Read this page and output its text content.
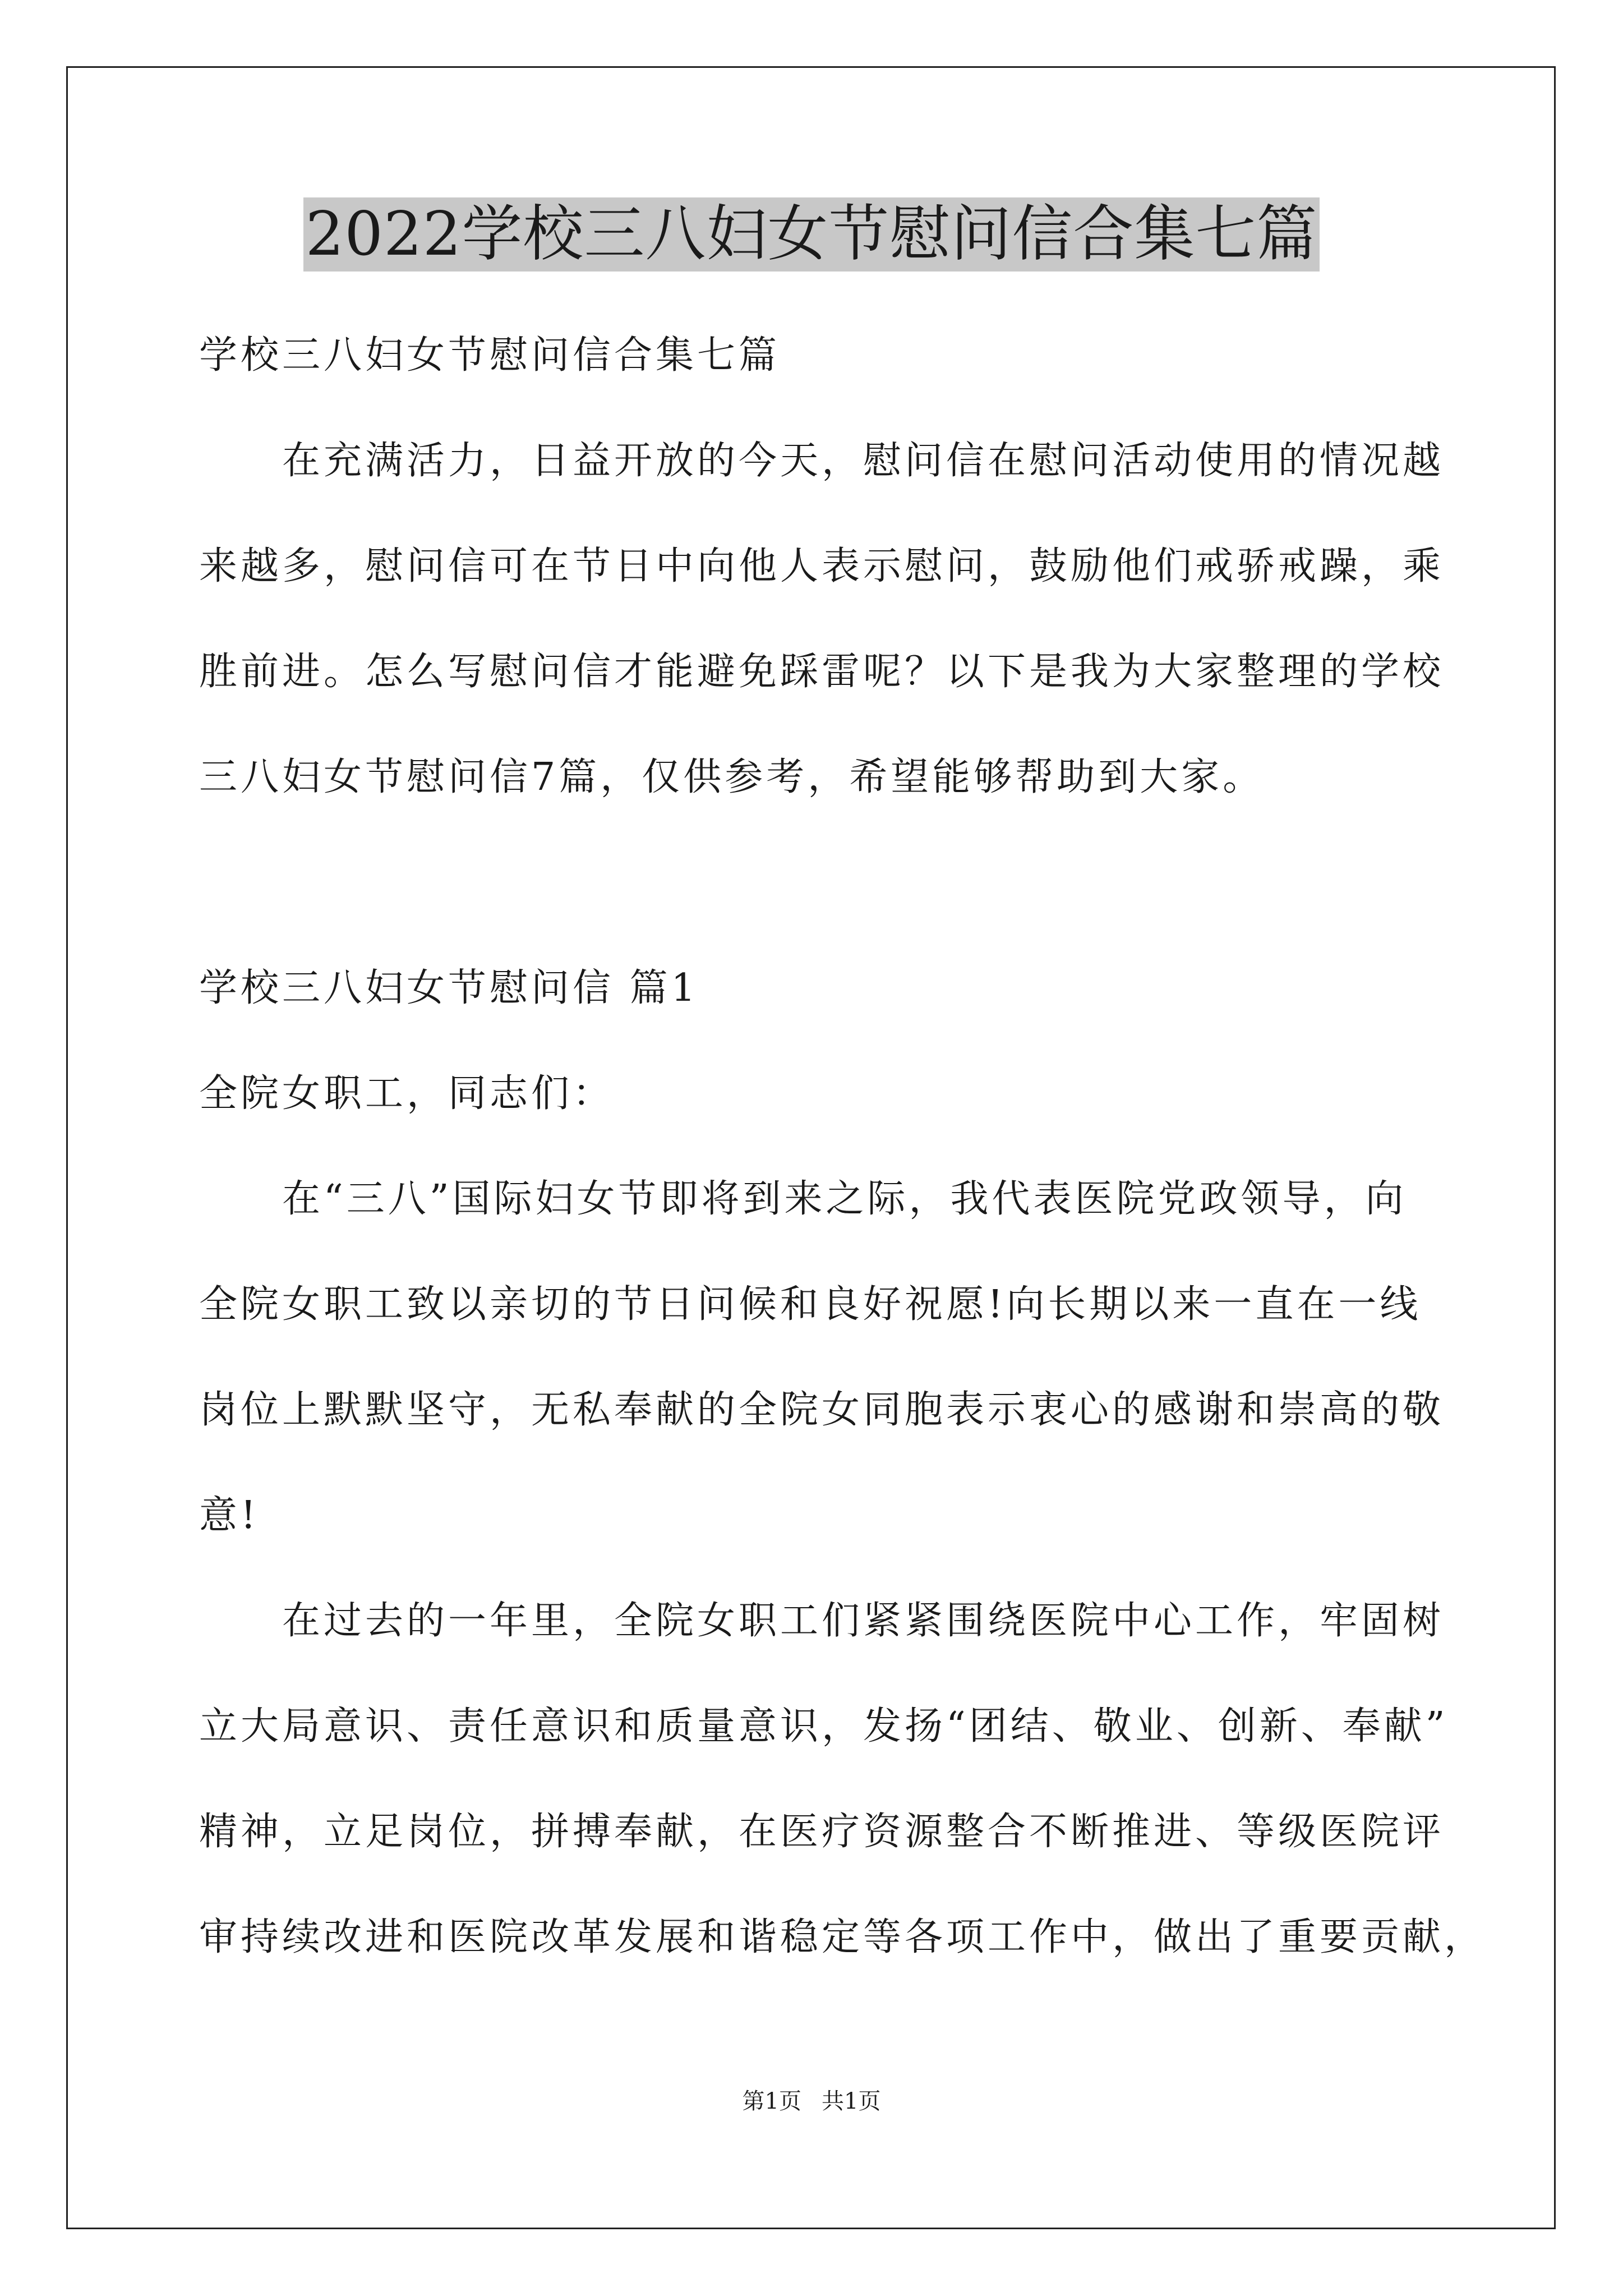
2022学校三八妇女节慰问信合集七篇
学校三八妇女节慰问信合集七篇
　　在充满活力，日益开放的今天，慰问信在慰问活动使用的情况越
来越多，慰问信可在节日中向他人表示慰问，鼓励他们戒骄戒躁，乘
胜前进。怎么写慰问信才能避免踩雷呢？以下是我为大家整理的学校
三八妇女节慰问信7篇，仅供参考，希望能够帮助到大家。
学校三八妇女节慰问信 篇1
全院女职工，同志们：
　　在“三八”国际妇女节即将到来之际，我代表医院党政领导，向
全院女职工致以亲切的节日问候和良好祝愿!向长期以来一直在一线
岗位上默默坚守，无私奉献的全院女同胞表示衷心的感谢和崇高的敬
意!
　　在过去的一年里，全院女职工们紧紧围绕医院中心工作，牢固树
立大局意识、责任意识和质量意识，发扬“团结、敬业、创新、奉献”
精神，立足岗位，拼搏奉献，在医疗资源整合不断推进、等级医院评
审持续改进和医院改革发展和谐稳定等各项工作中，做出了重要贡献，
第1页 共1页
